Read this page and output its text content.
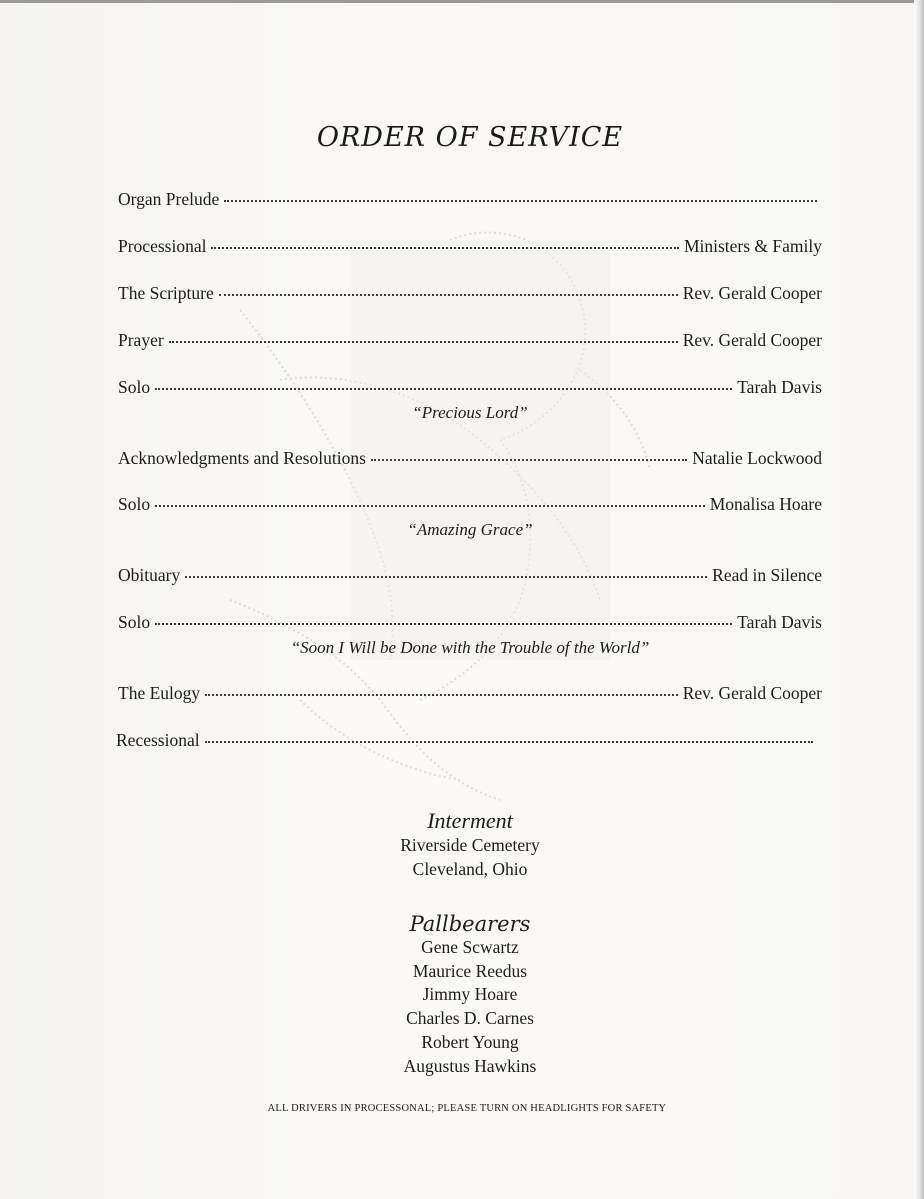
ORDER OF SERVICE
Organ Prelude
Processional	Ministers & Family
The Scripture	Rev. Gerald Cooper
Prayer	Rev. Gerald Cooper
Solo	Tarah Davis
“Precious Lord”
Acknowledgments and Resolutions	Natalie Lockwood
Solo	Monalisa Hoare
“Amazing Grace”
Obituary	Read in Silence
Solo	Tarah Davis
“Soon I Will be Done with the Trouble of the World”
The Eulogy	Rev. Gerald Cooper
Recessional
Interment
Riverside Cemetery
Cleveland, Ohio
Pallbearers
Gene Scwartz
Maurice Reedus
Jimmy Hoare
Charles D. Carnes
Robert Young
Augustus Hawkins
ALL DRIVERS IN PROCESSONAL; PLEASE TURN ON HEADLIGHTS FOR SAFETY
